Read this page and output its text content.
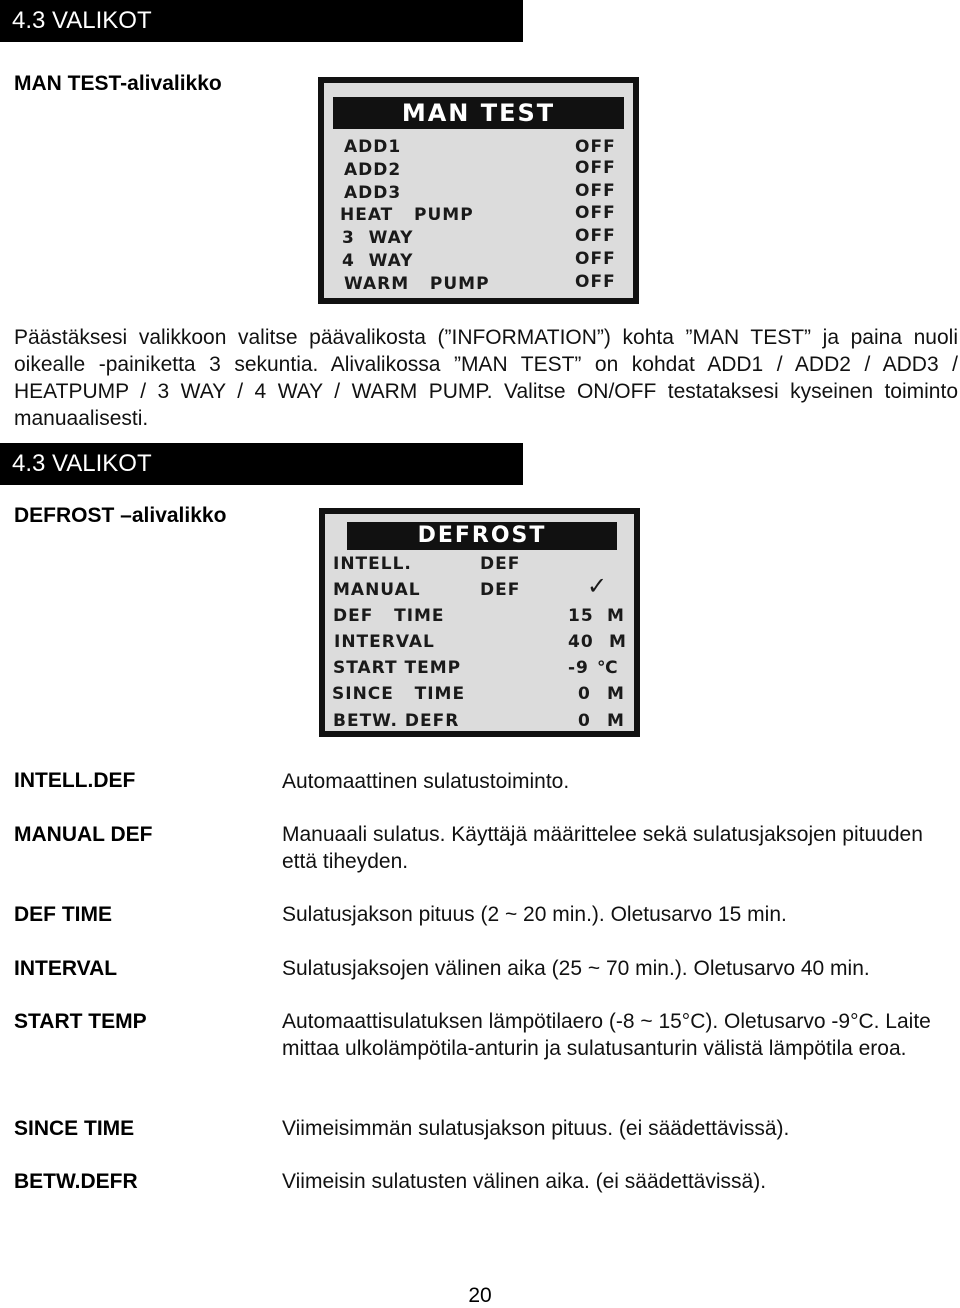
4.3 VALIKOT
MAN TEST-alivalikko
MAN TEST
ADD1	OFF
ADD2	OFF
ADD3	OFF
HEAT   PUMP	OFF
3  WAY	OFF
4  WAY	OFF
WARM   PUMP	OFF
Päästäksesi valikkoon valitse päävalikosta (”INFORMATION”) kohta ”MAN TEST” ja paina nuoli oikealle -painiketta 3 sekuntia. Alivalikossa ”MAN TEST” on kohdat ADD1 / ADD2 / ADD3 / HEATPUMP / 3 WAY / 4 WAY / WARM PUMP. Valitse ON/OFF testataksesi kyseinen toiminto manuaalisesti.
4.3 VALIKOT
DEFROST –alivalikko
DEFROST
INTELL.	DEF
MANUAL	DEF	✓
DEF   TIME	15 M
INTERVAL	40 M
START TEMP	-9 ℃
SINCE   TIME	0 M
BETW. DEFR	0 M
INTELL.DEF	Automaattinen sulatustoiminto.
MANUAL DEF	Manuaali sulatus. Käyttäjä määrittelee sekä sulatusjaksojen pituuden että tiheyden.
DEF TIME	Sulatusjakson pituus (2 ~ 20 min.). Oletusarvo 15 min.
INTERVAL	Sulatusjaksojen välinen aika (25 ~ 70 min.). Oletusarvo 40 min.
START TEMP	Automaattisulatuksen lämpötilaero (-8 ~ 15°C). Oletusarvo -9°C. Laite mittaa ulkolämpötila-anturin ja sulatusanturin välistä lämpötila eroa.
SINCE TIME	Viimeisimmän sulatusjakson pituus. (ei säädettävissä).
BETW.DEFR	Viimeisin sulatusten välinen aika. (ei säädettävissä).
20
